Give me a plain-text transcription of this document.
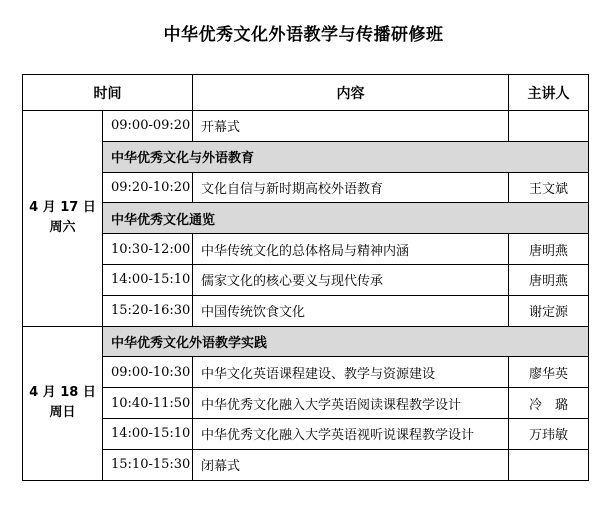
中华优秀文化外语教学与传播研修班
时间		内容	主讲人

4 月 17 日
周六	09:00-09:20	开幕式	
	中华优秀文化与外语教育		
	09:20-10:20	文化自信与新时期高校外语教育	王文斌
	中华优秀文化通览		
	10:30-12:00	中华传统文化的总体格局与精神内涵	唐明燕
	14:00-15:10	儒家文化的核心要义与现代传承	唐明燕
	15:20-16:30	中国传统饮食文化	谢定源

4 月 18 日
周日	中华优秀文化外语教学实践		
	09:00-10:30	中华文化英语课程建设、教学与资源建设	廖华英
	10:40-11:50	中华优秀文化融入大学英语阅读课程教学设计	冷　璐
	14:00-15:10	中华优秀文化融入大学英语视听说课程教学设计	万玮敏
	15:10-15:30	闭幕式	
